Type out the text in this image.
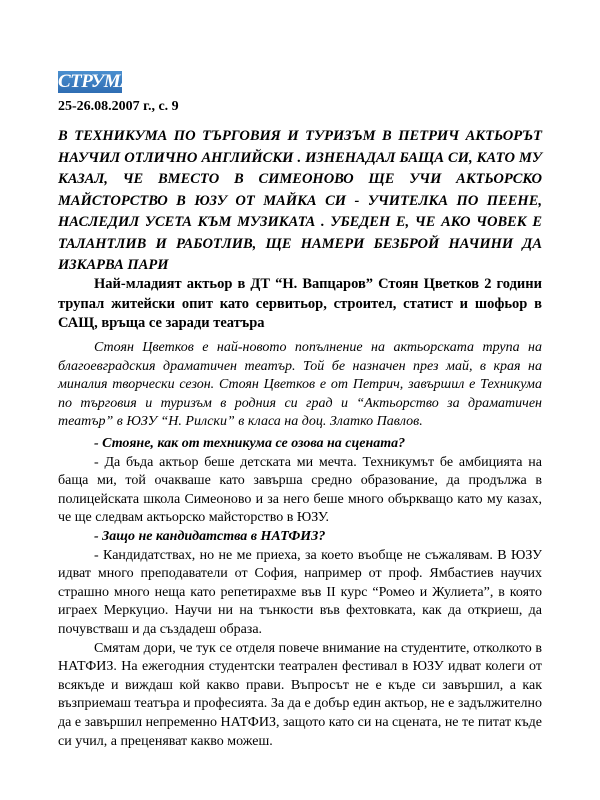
СТРУМА
25-26.08.2007 г., с. 9

В ТЕХНИКУМА ПО ТЪРГОВИЯ И ТУРИЗЪМ В ПЕТРИЧ АКТЬОРЪТ НАУЧИЛ ОТЛИЧНО АНГЛИЙСКИ . ИЗНЕНАДАЛ БАЩА СИ, КАТО МУ КАЗАЛ, ЧЕ ВМЕСТО В СИМЕОНОВО ЩЕ УЧИ АКТЬОРСКО МАЙСТОРСТВО В ЮЗУ ОТ МАЙКА СИ - УЧИТЕЛКА ПО ПЕЕНЕ, НАСЛЕДИЛ УСЕТА КЪМ МУЗИКАТА . УБЕДЕН Е, ЧЕ АКО ЧОВЕК Е ТАЛАНТЛИВ И РАБОТЛИВ, ЩЕ НАМЕРИ БЕЗБРОЙ НАЧИНИ ДА ИЗКАРВА ПАРИ

Най-младият актьор в ДТ “Н. Вапцаров” Стоян Цветков 2 години трупал житейски опит като сервитьор, строител, статист и шофьор в САЩ, връща се заради театъра

Стоян Цветков е най-новото попълнение на актьорската трупа на благоевградския драматичен театър. Той бе назначен през май, в края на миналия творчески сезон. Стоян Цветков е от Петрич, завършил е Техникума по търговия и туризъм в родния си град и “Актьорство за драматичен театър” в ЮЗУ “Н. Рилски” в класа на доц. Златко Павлов.

- Стояне, как от техникума се озова на сцената?

- Да бъда актьор беше детската ми мечта. Техникумът бе амбицията на баща ми, той очакваше като завърша средно образование, да продължа в полицейската школа Симеоново и за него беше много объркващо като му казах, че ще следвам актьорско майсторство в ЮЗУ.

- Защо не кандидатства в НАТФИЗ?

- Кандидатствах, но не ме приеха, за което въобще не съжалявам. В ЮЗУ идват много преподаватели от София, например от проф. Ямбастиев научих страшно много неща като репетирахме във II курс “Ромео и Жулиета”, в която играех Меркуцио. Научи ни на тънкости във фехтовката, как да откриеш, да почувстваш и да създадеш образа.

Смятам дори, че тук се отделя повече внимание на студентите, отколкото в НАТФИЗ. На ежегодния студентски театрален фестивал в ЮЗУ идват колеги от всякъде и виждаш кой какво прави. Въпросът не е къде си завършил, а как възприемаш театъра и професията. За да е добър един актьор, не е задължително да е завършил непременно НАТФИЗ, защото като си на сцената, не те питат къде си учил, а преценяват какво можеш.
